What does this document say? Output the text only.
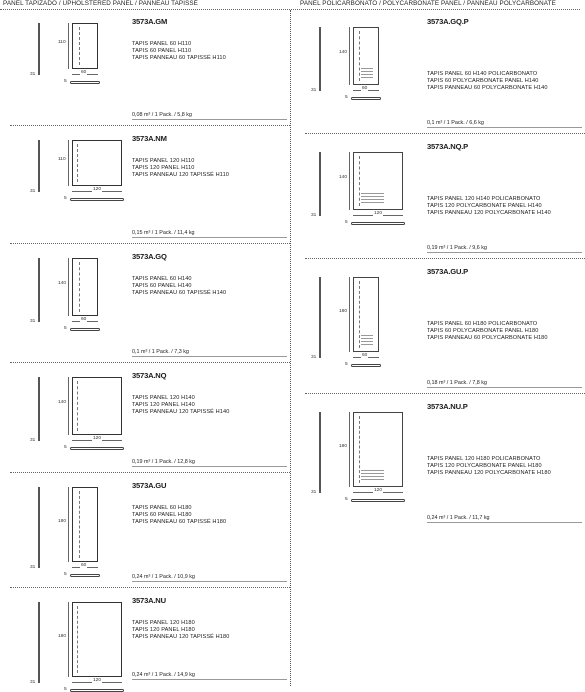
PANEL TAPIZADO / UPHOLSTERED PANEL / PANNEAU TAPISSÉ	PANEL POLICARBONATO / POLYCARBONATE PANEL / PANNEAU POLYCARBONATE
3573A.GM
TAPIS PANEL 60 H110
TAPIS 60 PANEL H110
TAPIS PANNEAU 60 TAPISSÉ H110
0,08 m³ / 1 Pack. / 5,8 kg
31
110
60
5
3573A.NM
TAPIS PANEL 120 H110
TAPIS 120 PANEL H110
TAPIS PANNEAU 120 TAPISSÉ H110
0,15 m³ / 1 Pack. / 11,4 kg
31
110
120
5
3573A.GQ
TAPIS PANEL 60 H140
TAPIS 60 PANEL H140
TAPIS PANNEAU 60 TAPISSÉ H140
0,1 m³ / 1 Pack. / 7,3 kg
31
140
60
5
3573A.NQ
TAPIS PANEL 120 H140
TAPIS 120 PANEL H140
TAPIS PANNEAU 120 TAPISSÉ H140
0,19 m³ / 1 Pack. / 12,8 kg
31
140
120
5
3573A.GU
TAPIS PANEL 60 H180
TAPIS 60 PANEL H180
TAPIS PANNEAU 60 TAPISSÉ H180
0,24 m³ / 1 Pack. / 10,9 kg
31
180
60
5
3573A.NU
TAPIS PANEL 120 H180
TAPIS 120 PANEL H180
TAPIS PANNEAU 120 TAPISSÉ H180
0,24 m³ / 1 Pack. / 14,9 kg
31
180
120
5
3573A.GQ.P
TAPIS PANEL 60 H140 POLICARBONATO
TAPIS 60 POLYCARBONATE PANEL H140
TAPIS PANNEAU 60 POLYCARBONATE H140
0,1 m³ / 1 Pack. / 6,6 kg
31
140
60
5
3573A.NQ.P
TAPIS PANEL 120 H140 POLICARBONATO
TAPIS 120 POLYCARBONATE PANEL H140
TAPIS PANNEAU 120 POLYCARBONATE H140
0,19 m³ / 1 Pack. / 9,6 kg
31
140
120
5
3573A.GU.P
TAPIS PANEL 60 H180 POLICARBONATO
TAPIS 60 POLYCARBONATE PANEL H180
TAPIS PANNEAU 60 POLYCARBONATE H180
0,18 m³ / 1 Pack. / 7,8 kg
31
180
60
5
3573A.NU.P
TAPIS PANEL 120 H180 POLICARBONATO
TAPIS 120 POLYCARBONATE PANEL H180
TAPIS PANNEAU 120 POLYCARBONATE H180
0,24 m³ / 1 Pack. / 11,7 kg
31
180
120
5
